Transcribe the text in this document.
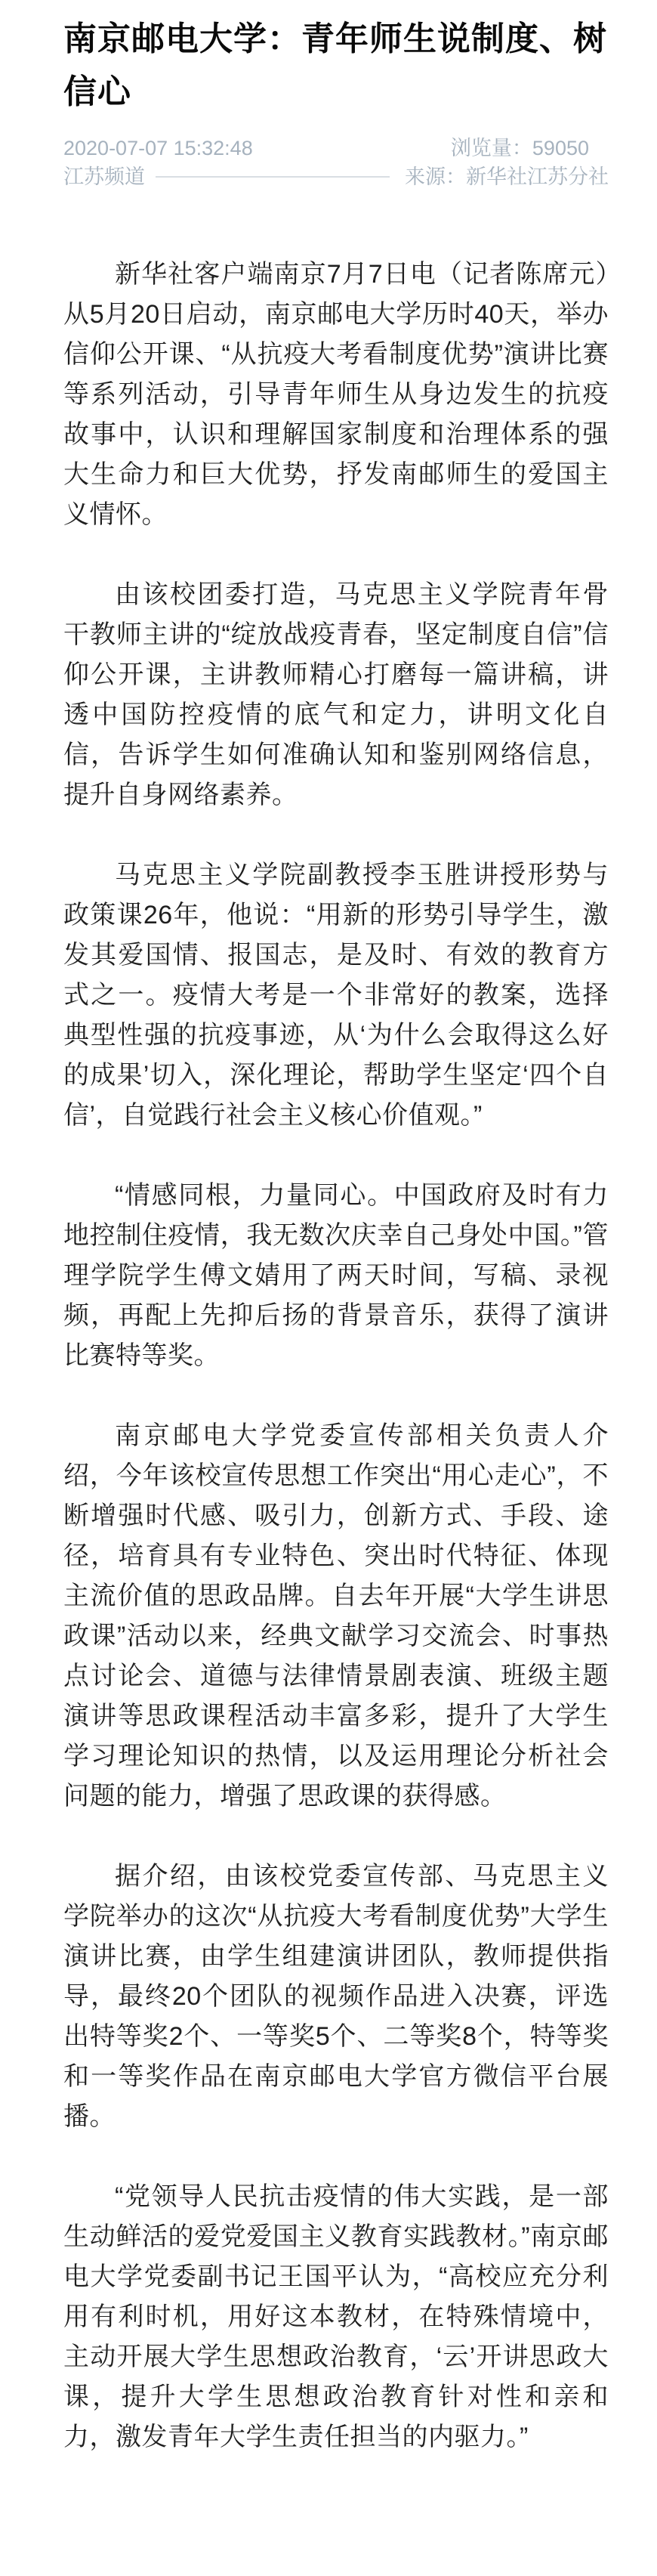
南京邮电大学：青年师生说制度、树信心
2020-07-07 15:32:48	浏览量：59050
江苏频道	来源：新华社江苏分社

新华社客户端南京7月7日电（记者陈席元）从5月20日启动，南京邮电大学历时40天，举办信仰公开课、“从抗疫大考看制度优势”演讲比赛等系列活动，引导青年师生从身边发生的抗疫故事中，认识和理解国家制度和治理体系的强大生命力和巨大优势，抒发南邮师生的爱国主义情怀。

由该校团委打造，马克思主义学院青年骨干教师主讲的“绽放战疫青春，坚定制度自信”信仰公开课，主讲教师精心打磨每一篇讲稿，讲透中国防控疫情的底气和定力，讲明文化自信，告诉学生如何准确认知和鉴别网络信息，提升自身网络素养。

马克思主义学院副教授李玉胜讲授形势与政策课26年，他说：“用新的形势引导学生，激发其爱国情、报国志，是及时、有效的教育方式之一。疫情大考是一个非常好的教案，选择典型性强的抗疫事迹，从‘为什么会取得这么好的成果’切入，深化理论，帮助学生坚定‘四个自信’，自觉践行社会主义核心价值观。”

“情感同根，力量同心。中国政府及时有力地控制住疫情，我无数次庆幸自己身处中国。”管理学院学生傅文婧用了两天时间，写稿、录视频，再配上先抑后扬的背景音乐，获得了演讲比赛特等奖。

南京邮电大学党委宣传部相关负责人介绍，今年该校宣传思想工作突出“用心走心”，不断增强时代感、吸引力，创新方式、手段、途径，培育具有专业特色、突出时代特征、体现主流价值的思政品牌。自去年开展“大学生讲思政课”活动以来，经典文献学习交流会、时事热点讨论会、道德与法律情景剧表演、班级主题演讲等思政课程活动丰富多彩，提升了大学生学习理论知识的热情，以及运用理论分析社会问题的能力，增强了思政课的获得感。

据介绍，由该校党委宣传部、马克思主义学院举办的这次“从抗疫大考看制度优势”大学生演讲比赛，由学生组建演讲团队，教师提供指导，最终20个团队的视频作品进入决赛，评选出特等奖2个、一等奖5个、二等奖8个，特等奖和一等奖作品在南京邮电大学官方微信平台展播。

“党领导人民抗击疫情的伟大实践，是一部生动鲜活的爱党爱国主义教育实践教材。”南京邮电大学党委副书记王国平认为，“高校应充分利用有利时机，用好这本教材，在特殊情境中，主动开展大学生思想政治教育，‘云’开讲思政大课，提升大学生思想政治教育针对性和亲和力，激发青年大学生责任担当的内驱力。”
